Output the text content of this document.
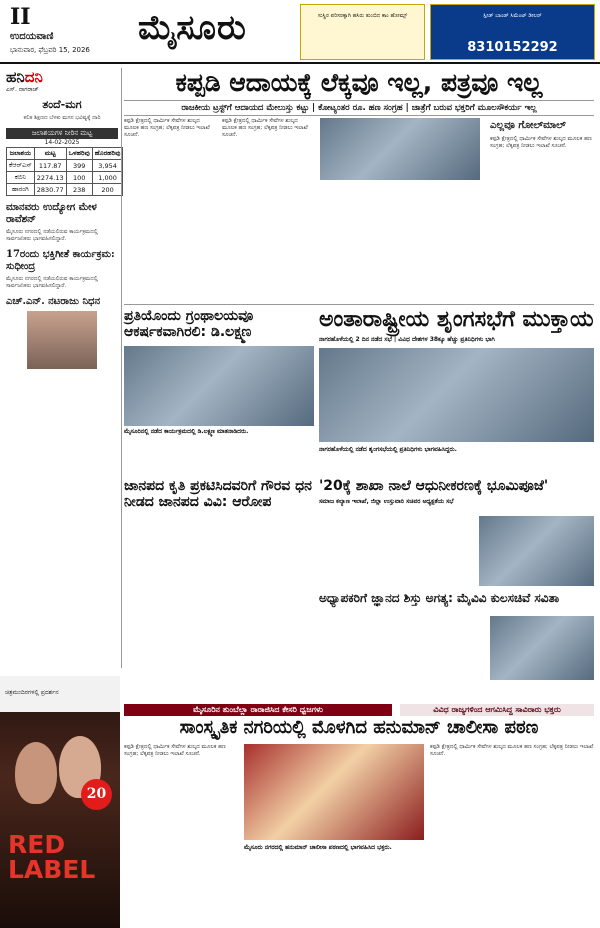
II
ಉದಯವಾಣಿ
ಭಾನುವಾರ, ಫೆಬ್ರವರಿ 15, 2026
ಮೈಸೂರು	ಸುಸ್ಥಿರ ಪರಿಸರಕ್ಕಾಗಿ ಹಸಿರು ತುಂಬಿದ ಕಾಂ ಹೋಮ್ಸ್	ಸ್ಪೀಡ್ ಬಾಂಡ್ ಸಿಮೆಂಟ್ ಡೀಲರ್
8310152292
ಹನಿದನಿ
ಎಸ್. ನಾಗರಾಜ್
ತಂದೆ-ಮಗ
ಕಲಿತ ಶಿಕ್ಷಣದ ಬೆಳಕು ಮಗನ ಭವಿಷ್ಯಕ್ಕೆ ದಾರಿ
ಜಲಾಶಯಗಳ ನೀರಿನ ಮಟ್ಟ
14-02-2025
ಜಲಾಶಯ	ಮಟ್ಟ	ಒಳಹರಿವು	ಹೊರಹರಿವು
ಕೆಆರ್‌ಎಸ್	117.87	399	3,954
ಕಬಿನಿ	2274.13	100	1,000
ಹಾರಂಗಿ	2830.77	238	200
ಮಾನವರು ಉದ್ಯೋಗ ಮೇಳ ರಾವೆಶನ್
ಮೈಸೂರು ನಗರದಲ್ಲಿ ನಡೆಯಲಿರುವ ಕಾರ್ಯಕ್ರಮದಲ್ಲಿ ಸಾರ್ವಜನಿಕರು ಭಾಗವಹಿಸಲಿದ್ದಾರೆ.
17ರಂದು ಭಕ್ತಿಗೀತೆ ಕಾರ್ಯಕ್ರಮ: ಸುಧೀಂದ್ರ
ಮೈಸೂರು ನಗರದಲ್ಲಿ ನಡೆಯಲಿರುವ ಕಾರ್ಯಕ್ರಮದಲ್ಲಿ ಸಾರ್ವಜನಿಕರು ಭಾಗವಹಿಸಲಿದ್ದಾರೆ.
ಎಚ್.ಎನ್. ನಟರಾಜು ನಿಧನ
ಚಿತ್ರಮಂದಿರಗಳಲ್ಲಿ ಪ್ರದರ್ಶನ
20
RED LABEL
ಕಪ್ಪಡಿ ಆದಾಯಕ್ಕೆ ಲೆಕ್ಕವೂ ಇಲ್ಲ, ಪತ್ರವೂ ಇಲ್ಲ
ರಾಜಕೀಯ ಟ್ರಸ್ಟ್‌ಗೆ ಆದಾಯದ ಮೇಲುಸ್ತು ಕಟ್ಟು | ಕೋಟ್ಯಂತರ ರೂ. ಹಣ ಸಂಗ್ರಹ | ಜಾತ್ರೆಗೆ ಬರುವ ಭಕ್ತರಿಗೆ ಮೂಲಸೌಕರ್ಯ ಇಲ್ಲ
ಕಪ್ಪಡಿ ಕ್ಷೇತ್ರದಲ್ಲಿ ಧಾರ್ಮಿಕ ಸೇವೆಗಳ ಶುಲ್ಕದ ಮೂಲಕ ಹಣ ಸಂಗ್ರಹ; ಲೆಕ್ಕಪತ್ರ ನೀಡಲು ಇಲಾಖೆ ಸೂಚನೆ.
ಕಪ್ಪಡಿ ಕ್ಷೇತ್ರದಲ್ಲಿ ಧಾರ್ಮಿಕ ಸೇವೆಗಳ ಶುಲ್ಕದ ಮೂಲಕ ಹಣ ಸಂಗ್ರಹ; ಲೆಕ್ಕಪತ್ರ ನೀಡಲು ಇಲಾಖೆ ಸೂಚನೆ.
ಎಲ್ಲವೂ ಗೋಲ್‌ಮಾಲ್
ಕಪ್ಪಡಿ ಕ್ಷೇತ್ರದಲ್ಲಿ ಧಾರ್ಮಿಕ ಸೇವೆಗಳ ಶುಲ್ಕದ ಮೂಲಕ ಹಣ ಸಂಗ್ರಹ; ಲೆಕ್ಕಪತ್ರ ನೀಡಲು ಇಲಾಖೆ ಸೂಚನೆ.
ಪ್ರತಿಯೊಂದು ಗ್ರಂಥಾಲಯವೂ ಆಕರ್ಷಕವಾಗಿರಲಿ: ಡಿ.ಲಕ್ಷ್ಮಣ	ಅಂತಾರಾಷ್ಟ್ರೀಯ ಶೃಂಗಸಭೆಗೆ ಮುಕ್ತಾಯ
ನಾಗರಹೊಳೆಯಲ್ಲಿ 2 ದಿನ ನಡೆದ ಸಭೆ | ವಿವಿಧ ದೇಶಗಳ 38ಕ್ಕೂ ಹೆಚ್ಚು ಪ್ರತಿನಿಧಿಗಳು ಭಾಗಿ
ಮೈಸೂರಿನಲ್ಲಿ ನಡೆದ ಕಾರ್ಯಕ್ರಮದಲ್ಲಿ ಡಿ.ಲಕ್ಷ್ಮಣ ಮಾತನಾಡಿದರು.
ನಾಗರಹೊಳೆಯಲ್ಲಿ ನಡೆದ ಶೃಂಗಸಭೆಯಲ್ಲಿ ಪ್ರತಿನಿಧಿಗಳು ಭಾಗವಹಿಸಿದ್ದರು.
'20ಕ್ಕೆ ಶಾಖಾ ನಾಲೆ ಆಧುನೀಕರಣಕ್ಕೆ ಭೂಮಿಪೂಜೆ'
ಸಮಾಜ ಕಲ್ಯಾಣ ಇಲಾಖೆ, ಜಿಲ್ಲಾ ಉಸ್ತುವಾರಿ ಸಚಿವರ ಅಧ್ಯಕ್ಷತೆಯ ಸಭೆ
ಜಾನಪದ ಕೃತಿ ಪ್ರಕಟಿಸಿದವರಿಗೆ ಗೌರವ ಧನ ನೀಡದ ಜಾನಪದ ವಿವಿ: ಆರೋಪ
ಅಧ್ಯಾಪಕರಿಗೆ ಜ್ಞಾನದ ಶಿಸ್ತು ಅಗತ್ಯ: ಮೈವಿವಿ ಕುಲಸಚಿವೆ ಸವಿತಾ
ಮೈಸೂರಿನ ತುಂಬೆಲ್ಲಾ ರಾರಾಜಿಸಿದ ಕೇಸರಿ ಧ್ವಜಗಳು	ವಿವಿಧ ರಾಜ್ಯಗಳಿಂದ ಆಗಮಿಸಿದ್ದ ಸಾವಿರಾರು ಭಕ್ತರು
ಸಾಂಸ್ಕೃತಿಕ ನಗರಿಯಲ್ಲಿ ಮೊಳಗಿದ ಹನುಮಾನ್ ಚಾಲೀಸಾ ಪಠಣ
ಕಪ್ಪಡಿ ಕ್ಷೇತ್ರದಲ್ಲಿ ಧಾರ್ಮಿಕ ಸೇವೆಗಳ ಶುಲ್ಕದ ಮೂಲಕ ಹಣ ಸಂಗ್ರಹ; ಲೆಕ್ಕಪತ್ರ ನೀಡಲು ಇಲಾಖೆ ಸೂಚನೆ.
ಮೈಸೂರು ನಗರದಲ್ಲಿ ಹನುಮಾನ್ ಚಾಲೀಸಾ ಪಠಣದಲ್ಲಿ ಭಾಗವಹಿಸಿದ ಭಕ್ತರು.
ಕಪ್ಪಡಿ ಕ್ಷೇತ್ರದಲ್ಲಿ ಧಾರ್ಮಿಕ ಸೇವೆಗಳ ಶುಲ್ಕದ ಮೂಲಕ ಹಣ ಸಂಗ್ರಹ; ಲೆಕ್ಕಪತ್ರ ನೀಡಲು ಇಲಾಖೆ ಸೂಚನೆ.
